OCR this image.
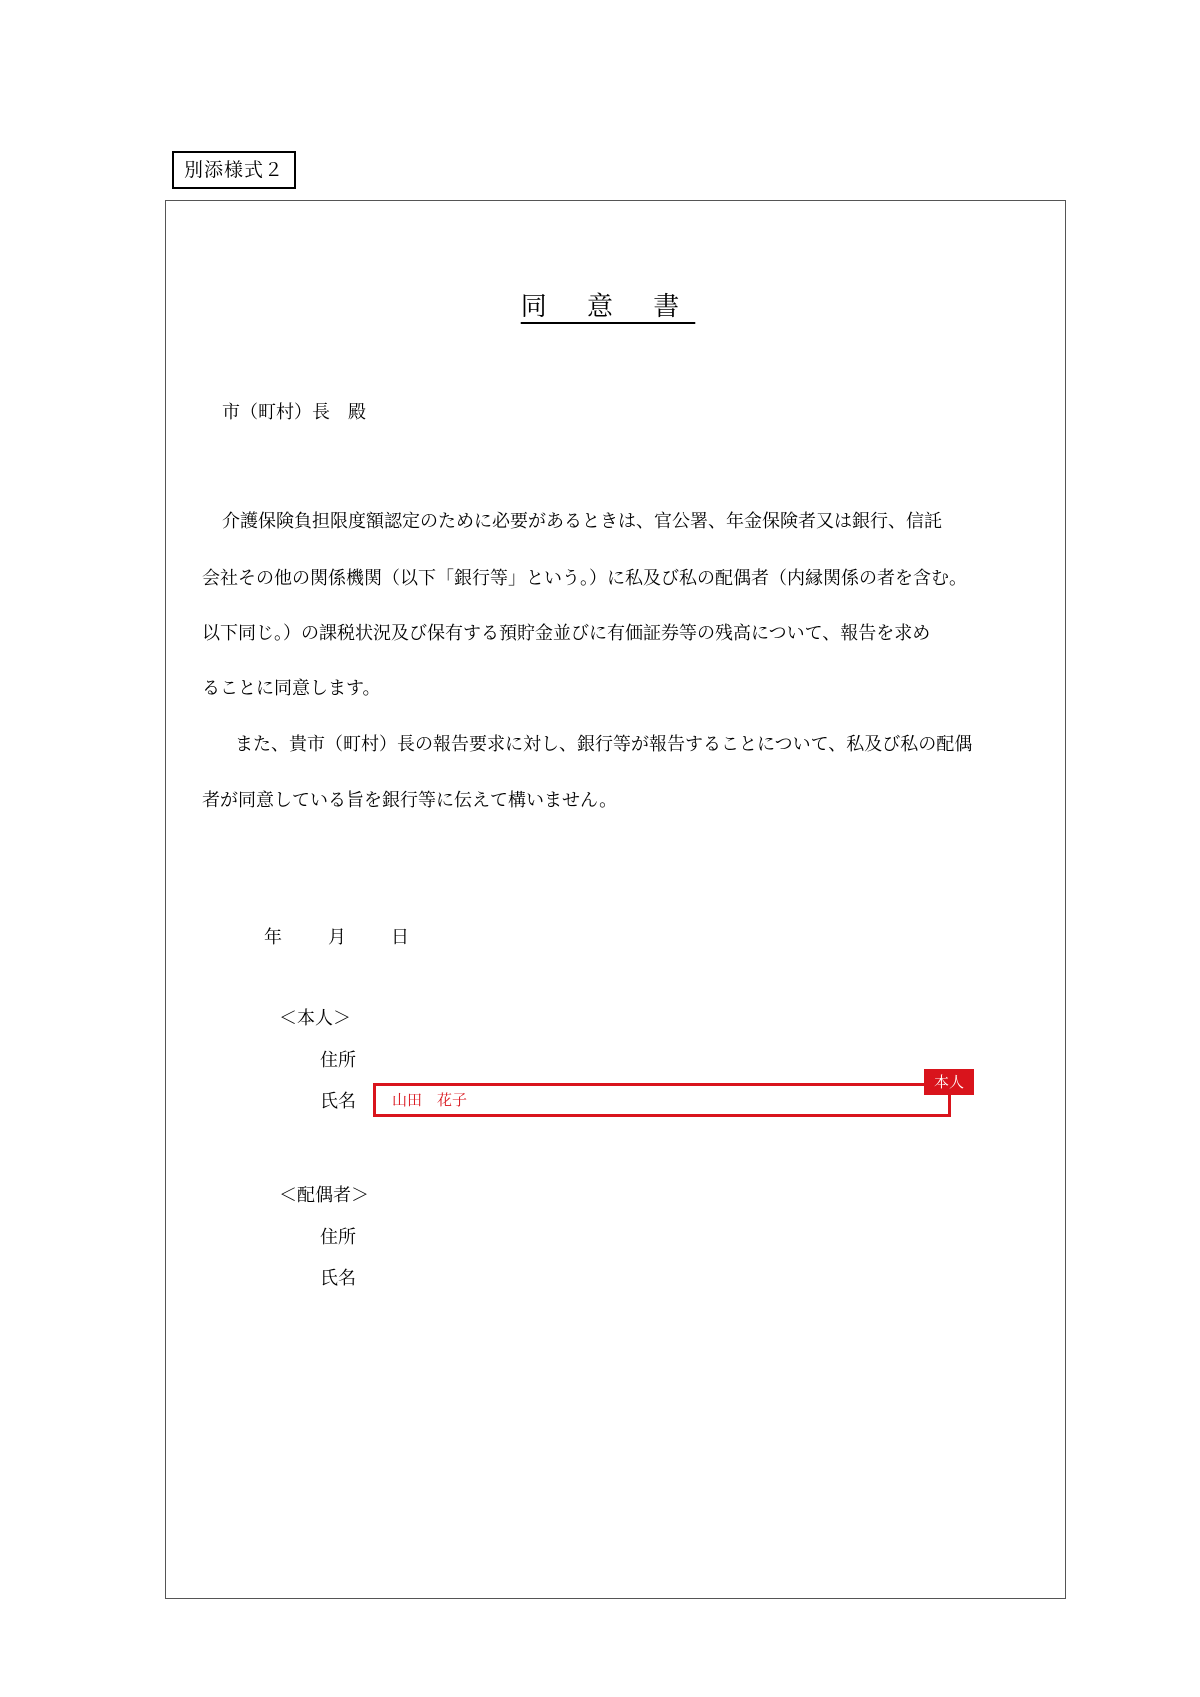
別添様式２
同 意 書
市（町村）長　殿
介護保険負担限度額認定のために必要があるときは、官公署、年金保険者又は銀行、信託
会社その他の関係機関（以下「銀行等」という。）に私及び私の配偶者（内縁関係の者を含む。
以下同じ。）の課税状況及び保有する預貯金並びに有価証券等の残高について、報告を求め
ることに同意します。
また、貴市（町村）長の報告要求に対し、銀行等が報告することについて、私及び私の配偶
者が同意している旨を銀行等に伝えて構いません。
年	月	日
＜本人＞
住所
氏名 山田　花子
本人
＜配偶者＞
住所
氏名
